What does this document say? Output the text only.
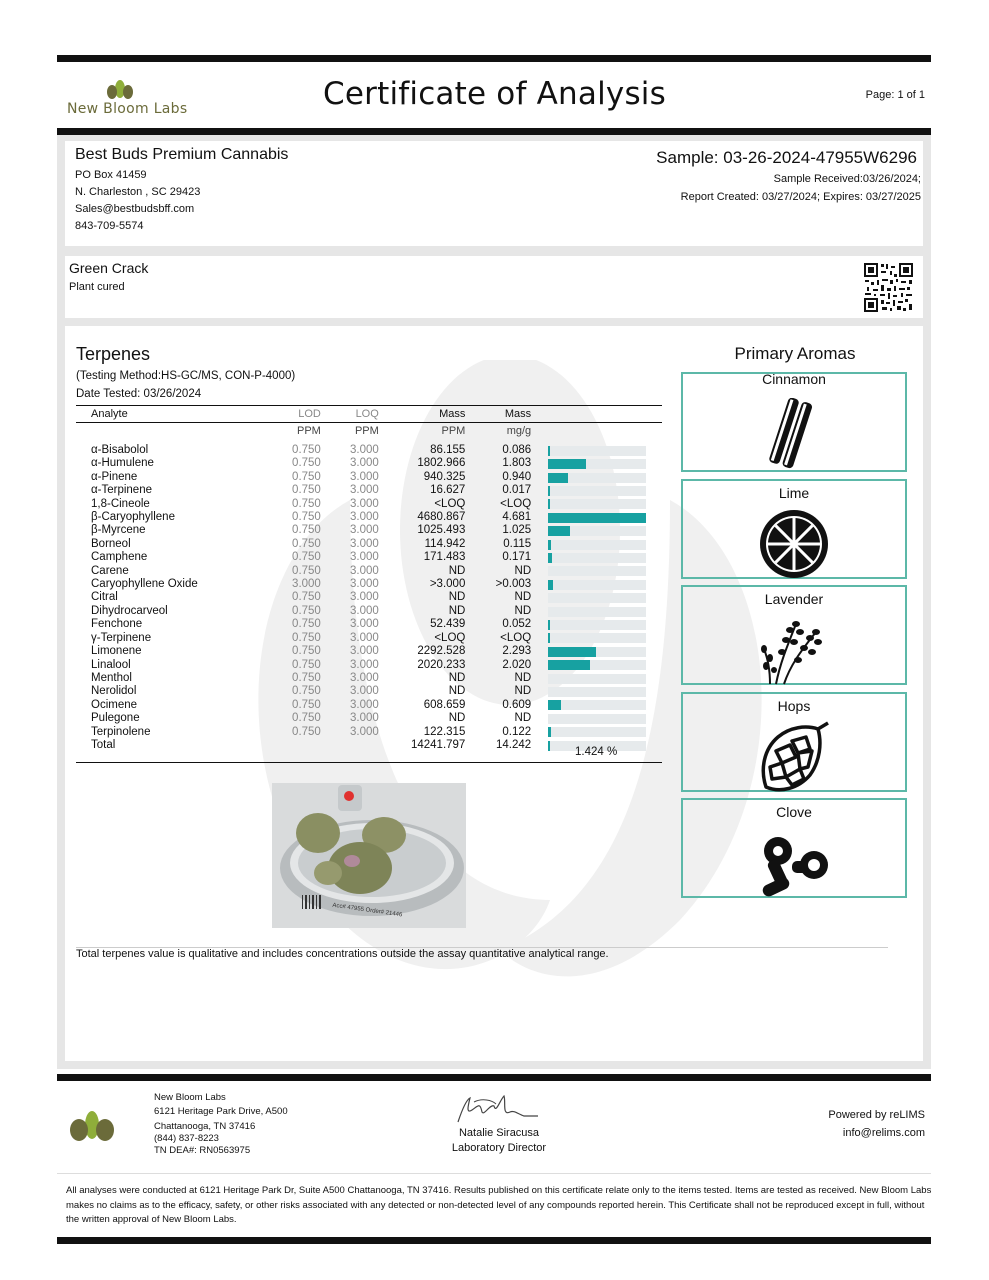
New Bloom Labs	Certificate of Analysis	Page: 1 of 1
Best Buds Premium Cannabis
PO Box 41459
N. Charleston , SC 29423
Sales@bestbudsbff.com
843-709-5574
Sample: 03-26-2024-47955W6296
Sample Received:03/26/2024;
Report Created: 03/27/2024; Expires: 03/27/2025
Green Crack
Plant cured
Terpenes
(Testing Method:HS-GC/MS, CON-P-4000)
Date Tested: 03/26/2024
Analyte	LOD	LOQ	Mass	Mass	
	PPM	PPM	PPM	mg/g	

α-Bisabolol	0.750	3.000	86.155	0.086	

α-Humulene	0.750	3.000	1802.966	1.803	

α-Pinene	0.750	3.000	940.325	0.940	

α-Terpinene	0.750	3.000	16.627	0.017	

1,8-Cineole	0.750	3.000	<LOQ	<LOQ	

β-Caryophyllene	0.750	3.000	4680.867	4.681	

β-Myrcene	0.750	3.000	1025.493	1.025	

Borneol	0.750	3.000	114.942	0.115	

Camphene	0.750	3.000	171.483	0.171	

Carene	0.750	3.000	ND	ND	

Caryophyllene Oxide	3.000	3.000	>3.000	>0.003	

Citral	0.750	3.000	ND	ND	

Dihydrocarveol	0.750	3.000	ND	ND	

Fenchone	0.750	3.000	52.439	0.052	

γ-Terpinene	0.750	3.000	<LOQ	<LOQ	

Limonene	0.750	3.000	2292.528	2.293	

Linalool	0.750	3.000	2020.233	2.020	

Menthol	0.750	3.000	ND	ND	

Nerolidol	0.750	3.000	ND	ND	

Ocimene	0.750	3.000	608.659	0.609	

Pulegone	0.750	3.000	ND	ND	

Terpinolene	0.750	3.000	122.315	0.122	

Total			14241.797	14.242	
1.424 %
Primary Aromas
Cinnamon
Lime
Lavender
Hops
Clove
Acc# 47955 Order# 21446
Total terpenes value is qualitative and includes concentrations outside the assay quantitative analytical range.
New Bloom Labs
6121 Heritage Park Drive, A500
Chattanooga, TN 37416
(844) 837-8223
TN DEA#: RN0563975
Natalie Siracusa
Laboratory Director
Powered by reLIMS
info@relims.com
All analyses were conducted at 6121 Heritage Park Dr, Suite A500 Chattanooga, TN 37416. Results published on this certificate relate only to the items tested. Items are tested as received. New Bloom Labs makes no claims as to the efficacy, safety, or other risks associated with any detected or non-detected level of any compounds reported herein. This Certificate shall not be reproduced except in full, without the written approval of New Bloom Labs.
